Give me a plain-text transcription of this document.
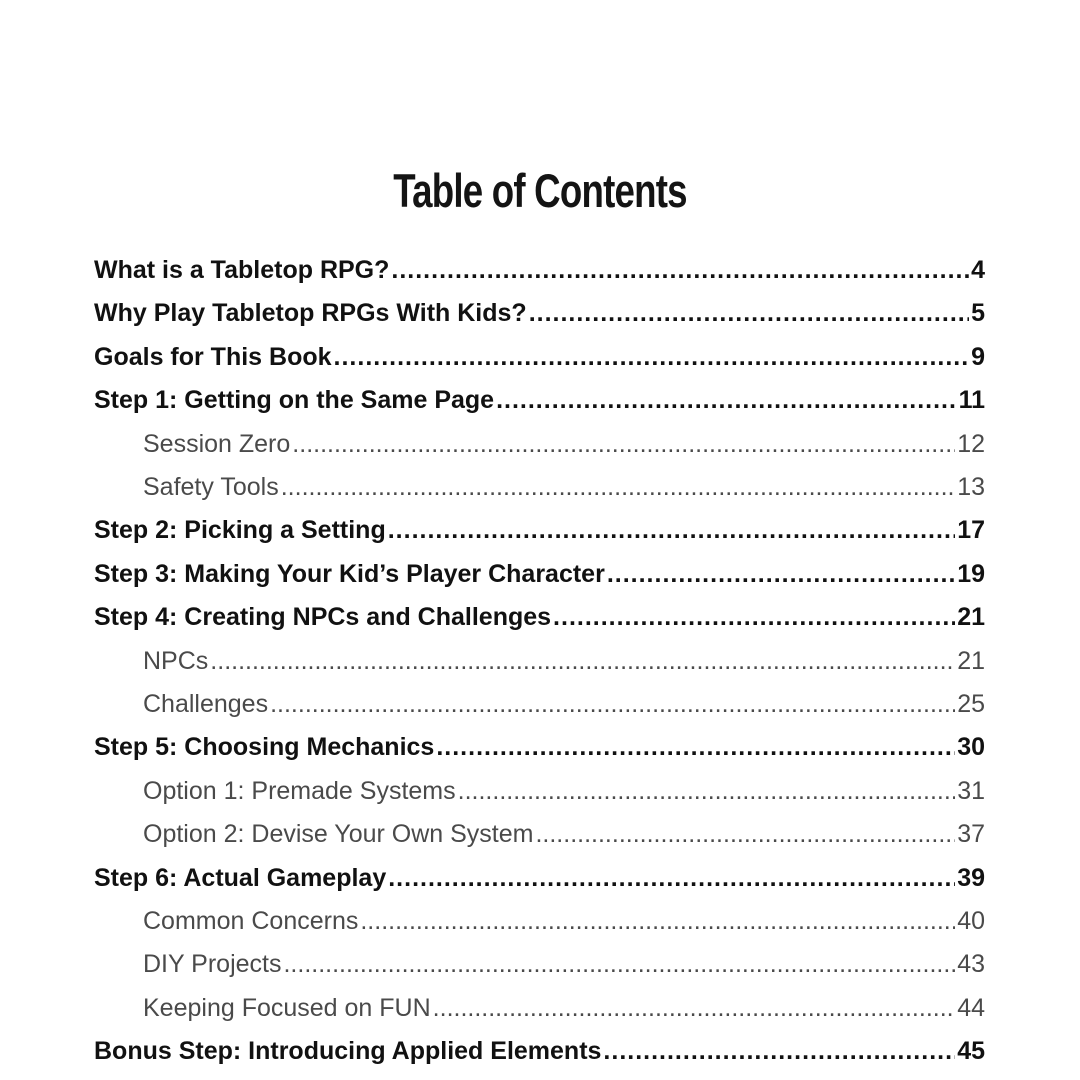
Table of Contents
What is a Tabletop RPG? .....	4
Why Play Tabletop RPGs With Kids? .....	5
Goals for This Book .....	9
Step 1: Getting on the Same Page .....	11
Session Zero .....	12
Safety Tools .....	13
Step 2: Picking a Setting .....	17
Step 3: Making Your Kid’s Player Character .....	19
Step 4: Creating NPCs and Challenges .....	21
NPCs .....	21
Challenges .....	25
Step 5: Choosing Mechanics .....	30
Option 1: Premade Systems .....	31
Option 2: Devise Your Own System .....	37
Step 6: Actual Gameplay .....	39
Common Concerns .....	40
DIY Projects .....	43
Keeping Focused on FUN .....	44
Bonus Step: Introducing Applied Elements .....	45
